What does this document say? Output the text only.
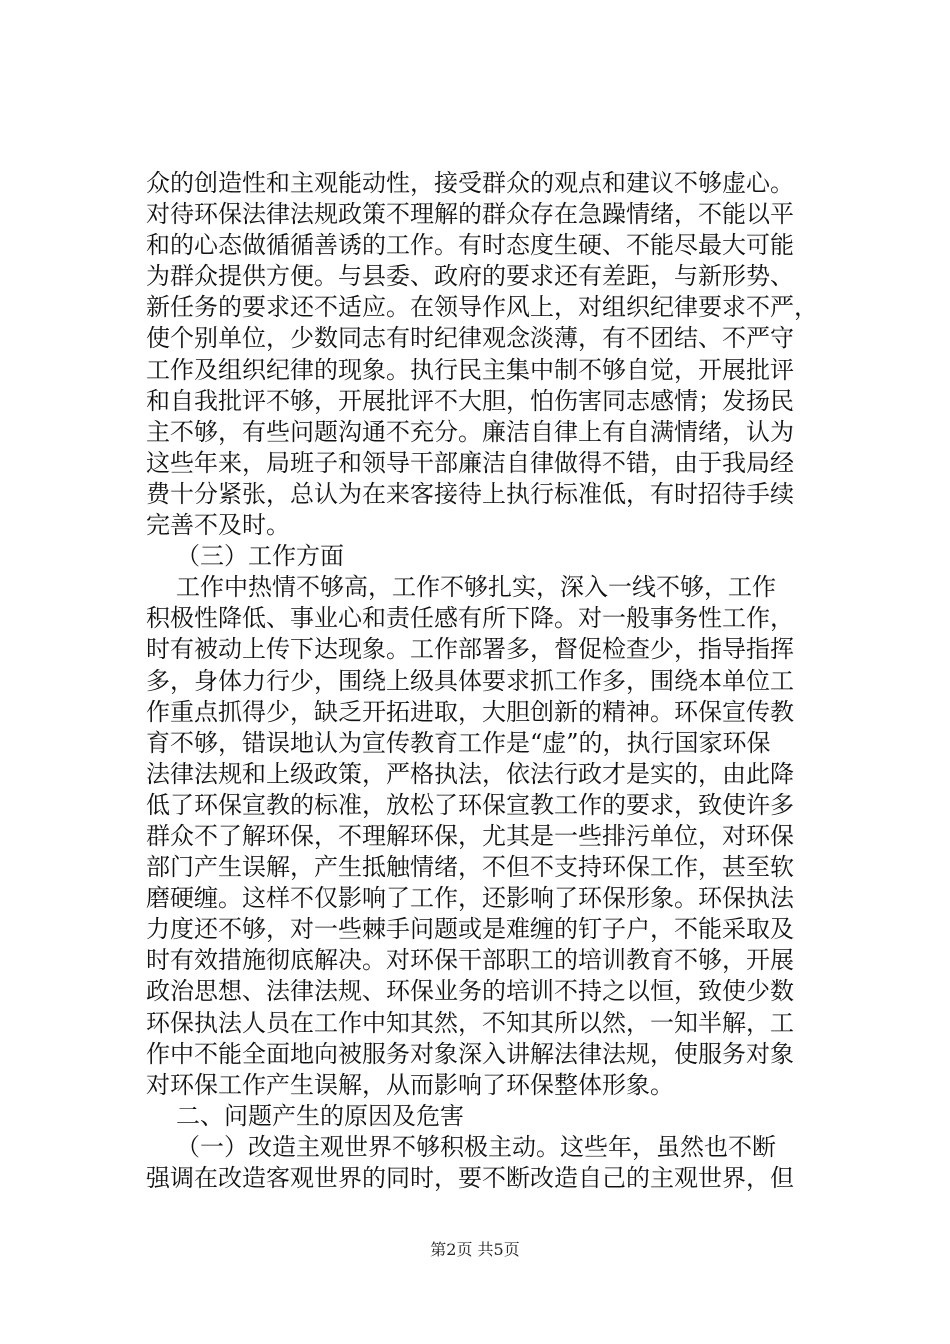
众的创造性和主观能动性，接受群众的观点和建议不够虚心。
对待环保法律法规政策不理解的群众存在急躁情绪，不能以平
和的心态做循循善诱的工作。有时态度生硬、不能尽最大可能
为群众提供方便。与县委、政府的要求还有差距，与新形势、
新任务的要求还不适应。在领导作风上，对组织纪律要求不严，
使个别单位，少数同志有时纪律观念淡薄，有不团结、不严守
工作及组织纪律的现象。执行民主集中制不够自觉，开展批评
和自我批评不够，开展批评不大胆，怕伤害同志感情；发扬民
主不够，有些问题沟通不充分。廉洁自律上有自满情绪，认为
这些年来，局班子和领导干部廉洁自律做得不错，由于我局经
费十分紧张，总认为在来客接待上执行标准低，有时招待手续
完善不及时。
（三）工作方面
工作中热情不够高，工作不够扎实，深入一线不够，工作
积极性降低、事业心和责任感有所下降。对一般事务性工作，
时有被动上传下达现象。工作部署多，督促检查少，指导指挥
多，身体力行少，围绕上级具体要求抓工作多，围绕本单位工
作重点抓得少，缺乏开拓进取，大胆创新的精神。环保宣传教
育不够，错误地认为宣传教育工作是“虚”的，执行国家环保
法律法规和上级政策，严格执法，依法行政才是实的，由此降
低了环保宣教的标准，放松了环保宣教工作的要求，致使许多
群众不了解环保，不理解环保，尤其是一些排污单位，对环保
部门产生误解，产生抵触情绪，不但不支持环保工作，甚至软
磨硬缠。这样不仅影响了工作，还影响了环保形象。环保执法
力度还不够，对一些棘手问题或是难缠的钉子户，不能采取及
时有效措施彻底解决。对环保干部职工的培训教育不够，开展
政治思想、法律法规、环保业务的培训不持之以恒，致使少数
环保执法人员在工作中知其然，不知其所以然，一知半解，工
作中不能全面地向被服务对象深入讲解法律法规，使服务对象
对环保工作产生误解，从而影响了环保整体形象。
二、问题产生的原因及危害
（一）改造主观世界不够积极主动。这些年，虽然也不断
强调在改造客观世界的同时，要不断改造自己的主观世界，但
第2页 共5页
